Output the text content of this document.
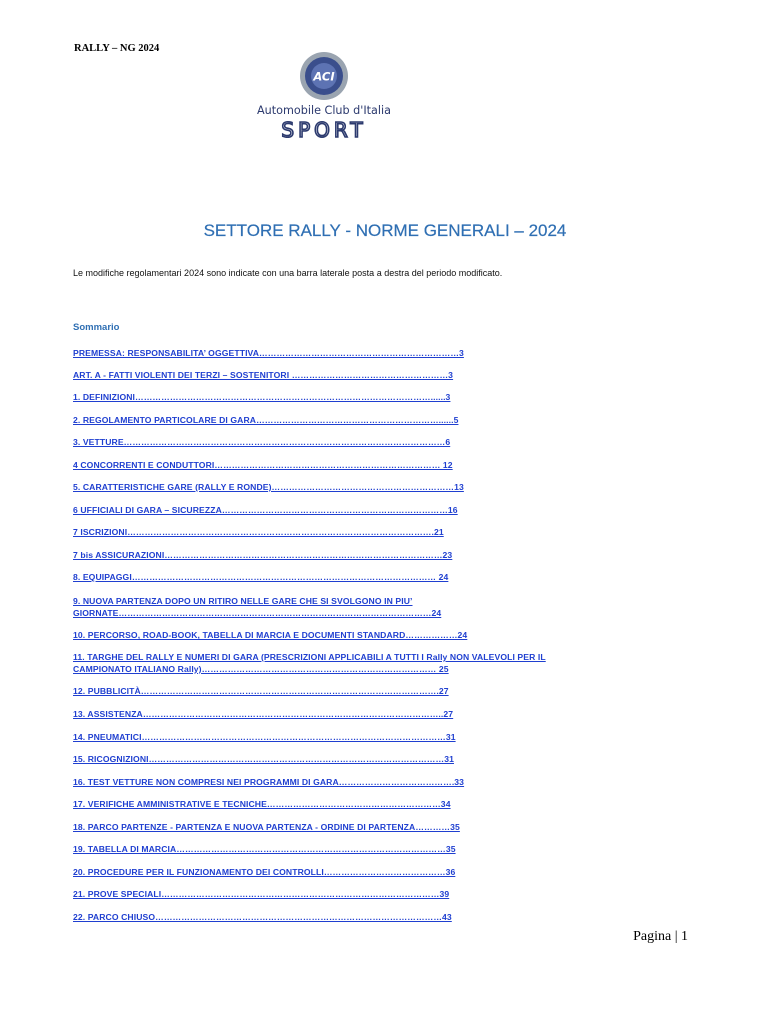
RALLY – NG 2024
ACI
Automobile Club d'Italia
SPORT
SETTORE RALLY - NORME GENERALI – 2024
Le modifiche regolamentari 2024 sono indicate con una barra laterale posta a destra del periodo modificato.
Sommario
PREMESSA: RESPONSABILITA’ OGGETTIVA……………………………………………………………3
ART. A - FATTI VIOLENTI DEI TERZI – SOSTENITORI ………………………………………………3
1. DEFINIZIONI…………………………………………………………………………………………......3
2. REGOLAMENTO PARTICOLARE DI GARA………………………………………………………......5
3. VETTURE…………………………………………………………………………………………………6
4 CONCORRENTI E CONDUTTORI…………………………………………………………………… 12
5. CARATTERISTICHE GARE (RALLY E RONDE)………………………………………………………13
6 UFFICIALI DI GARA – SICUREZZA……………………………………………………………………16
7 ISCRIZIONI…………………………………………………………………………………………….21
7 bis ASSICURAZIONI……………………………………………………………………………………23
8. EQUIPAGGI…………………………………………………………………………………………… 24
9. NUOVA PARTENZA DOPO UN RITIRO NELLE GARE CHE SI SVOLGONO IN PIU’
GIORNATE………………………………………………………………………………………………24
10. PERCORSO, ROAD-BOOK, TABELLA DI MARCIA E DOCUMENTI STANDARD………………24
11. TARGHE DEL RALLY E NUMERI DI GARA (PRESCRIZIONI APPLICABILI A TUTTI I Rally NON VALEVOLI PER IL
CAMPIONATO ITALIANO Rally)……………………………………………………………………… 25
12. PUBBLICITÀ………………………………………………………………………………………….27
13. ASSISTENZA…………………………………………………………………………………………..27
14. PNEUMATICI……………………………………………………………………………………………31
15. RICOGNIZIONI…………………………………………………………………………………………31
16. TEST VETTURE NON COMPRESI NEI PROGRAMMI DI GARA………………………………….33
17. VERIFICHE AMMINISTRATIVE E TECNICHE……………………………………………………34
18. PARCO PARTENZE - PARTENZA E NUOVA PARTENZA - ORDINE DI PARTENZA…………35
19. TABELLA DI MARCIA…………………………………………………………………………………35
20. PROCEDURE PER IL FUNZIONAMENTO DEI CONTROLLI……………………………………36
21. PROVE SPECIALI……………………………………………………………………………………39
22. PARCO CHIUSO………………………………………………………………………………………43
Pagina | 1
